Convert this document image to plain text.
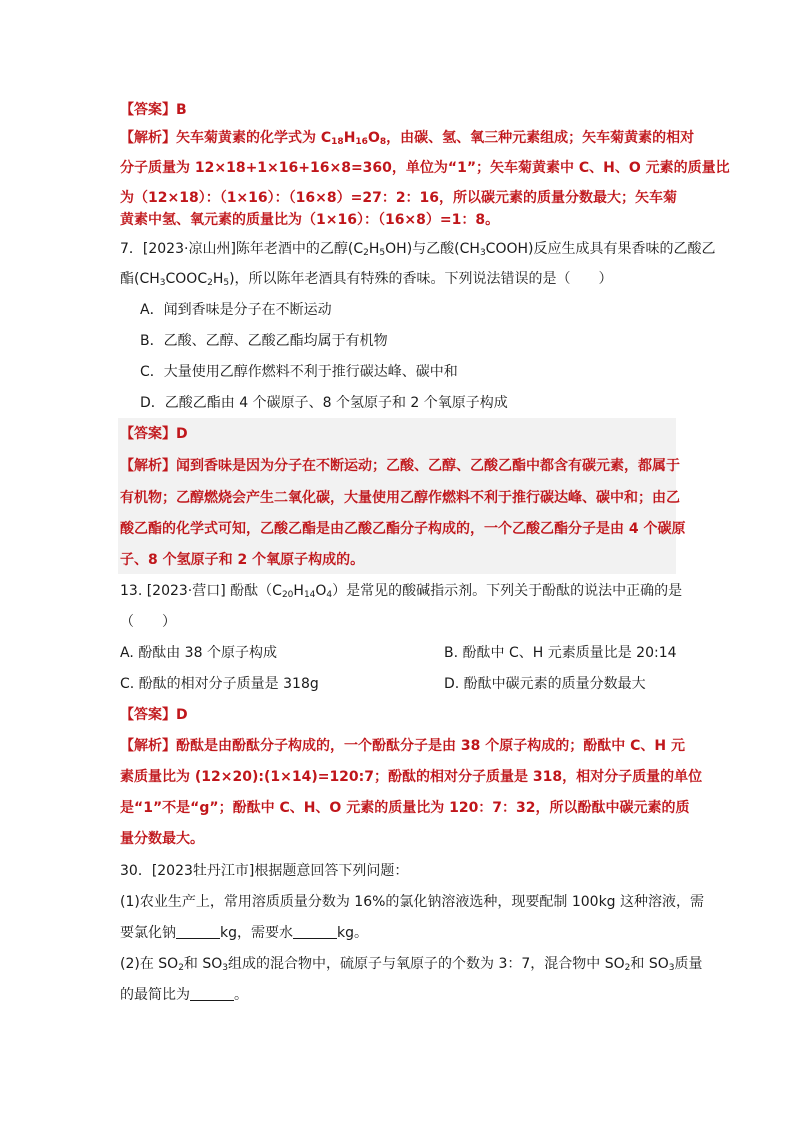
【答案】B
【解析】矢车菊黄素的化学式为 $C_{18}H_{16}O_8$，由碳、氢、氧三种元素组成；矢车菊黄素的相对
分子质量为 12×18+1×16+16×8=360，单位为“1”；矢车菊黄素中 C、H、O 元素的质量比
为（12×18）：（1×16）：（16×8）=27：2：16，所以碳元素的质量分数最大；矢车菊
黄素中氢、氧元素的质量比为（1×16）：（16×8）=1：8。
7．[2023·凉山州]陈年老酒中的乙醇$(C_2H_5OH)$与乙酸$(CH_3COOH)$反应生成具有果香味的乙酸乙
酯$(CH_3COOC_2H_5)$，所以陈年老酒具有特殊的香味。下列说法错误的是（　　）
A．闻到香味是分子在不断运动
B．乙酸、乙醇、乙酸乙酯均属于有机物
C．大量使用乙醇作燃料不利于推行碳达峰、碳中和
D．乙酸乙酯由 4 个碳原子、8 个氢原子和 2 个氧原子构成
【答案】D
【解析】闻到香味是因为分子在不断运动；乙酸、乙醇、乙酸乙酯中都含有碳元素，都属于
有机物；乙醇燃烧会产生二氧化碳，大量使用乙醇作燃料不利于推行碳达峰、碳中和；由乙
酸乙酯的化学式可知，乙酸乙酯是由乙酸乙酯分子构成的，一个乙酸乙酯分子是由 4 个碳原
子、8 个氢原子和 2 个氧原子构成的。
13. [2023·营口] 酚酞$(C_{20}H_{14}O_4)$是常见的酸碱指示剂。下列关于酚酞的说法中正确的是
（　　）
A. 酚酞由 38 个原子构成	B. 酚酞中 C、H 元素质量比是 20:14
C. 酚酞的相对分子质量是 318g	D. 酚酞中碳元素的质量分数最大
【答案】D
【解析】酚酞是由酚酞分子构成的，一个酚酞分子是由 38 个原子构成的；酚酞中 C、H 元
素质量比为 (12×20):(1×14)=120:7；酚酞的相对分子质量是 318，相对分子质量的单位
是“1”不是“g”；酚酞中 C、H、O 元素的质量比为 120：7：32，所以酚酞中碳元素的质
量分数最大。
30．[2023牡丹江市]根据题意回答下列问题：
(1)农业生产上，常用溶质质量分数为 16%的氯化钠溶液选种，现要配制 100kg 这种溶液，需
要氯化钠	kg，需要水	kg。
(2)在 $SO_2$和 $SO_3$组成的混合物中，硫原子与氧原子的个数为 3：7，混合物中 $SO_2$和 $SO_3$质量
的最简比为	。
